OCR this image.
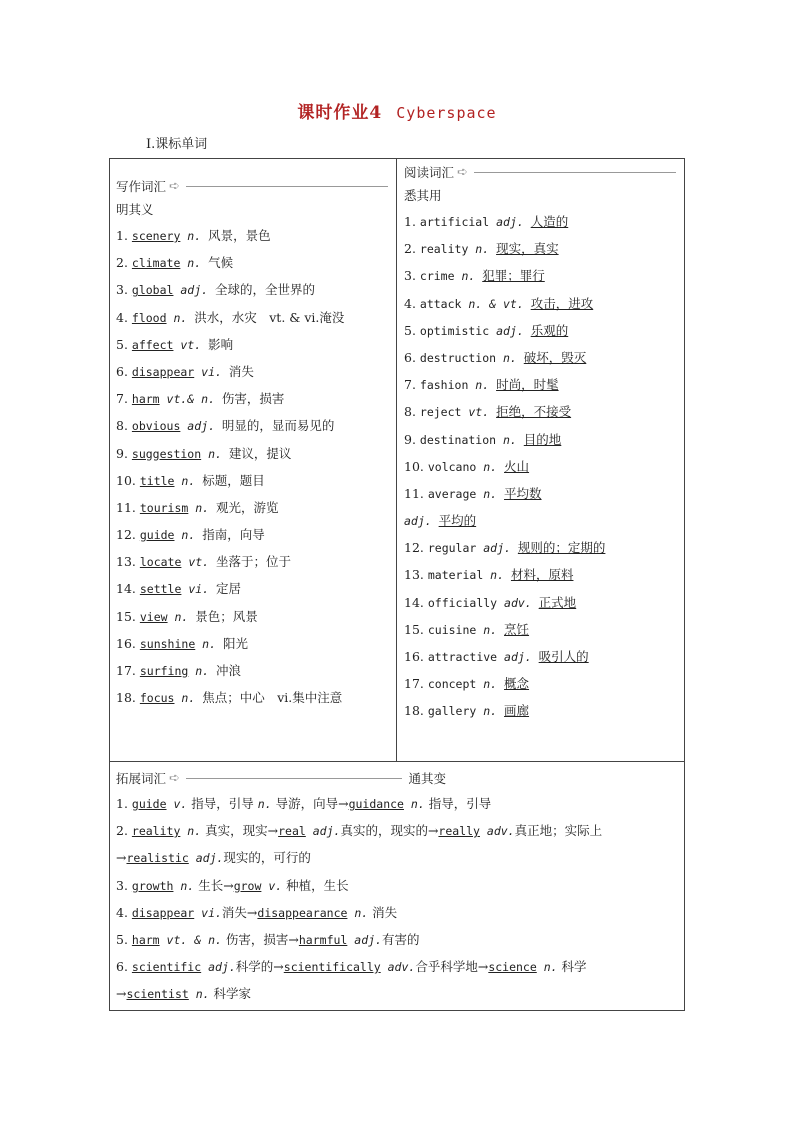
课时作业4 Cyberspace
Ⅰ.课标单词
写作词汇 ➪
明其义
1. scenery n. 风景，景色
2. climate n. 气候
3. global adj. 全球的，全世界的
4. flood n. 洪水，水灾　vt. & vi.淹没
5. affect vt. 影响
6. disappear vi. 消失
7. harm vt.& n. 伤害，损害
8. obvious adj. 明显的，显而易见的
9. suggestion n. 建议，提议
10. title n. 标题，题目
11. tourism n. 观光，游览
12. guide n. 指南，向导
13. locate vt. 坐落于；位于
14. settle vi. 定居
15. view n. 景色；风景
16. sunshine n. 阳光
17. surfing n. 冲浪
18. focus n. 焦点；中心　vi.集中注意
阅读词汇 ➪
悉其用
1. artificial adj. 人造的
2. reality n. 现实，真实
3. crime n. 犯罪；罪行
4. attack n. & vt. 攻击，进攻
5. optimistic adj. 乐观的
6. destruction n. 破坏，毁灭
7. fashion n. 时尚，时髦
8. reject vt. 拒绝，不接受
9. destination n. 目的地
10. volcano n. 火山
11. average n. 平均数
adj. 平均的
12. regular adj. 规则的；定期的
13. material n. 材料，原料
14. officially adv. 正式地
15. cuisine n. 烹饪
16. attractive adj. 吸引人的
17. concept n. 概念
18. gallery n. 画廊
拓展词汇 ➪	通其变
1. guide v. 指导，引导 n. 导游，向导→guidance n. 指导，引导
2. reality n. 真实，现实→real adj.真实的，现实的→really adv.真正地；实际上
→realistic adj.现实的，可行的
3. growth n. 生长→grow v. 种植，生长
4. disappear vi.消失→disappearance n. 消失
5. harm vt. & n. 伤害，损害→harmful adj.有害的
6. scientific adj.科学的→scientifically adv.合乎科学地→science n. 科学
→scientist n. 科学家
